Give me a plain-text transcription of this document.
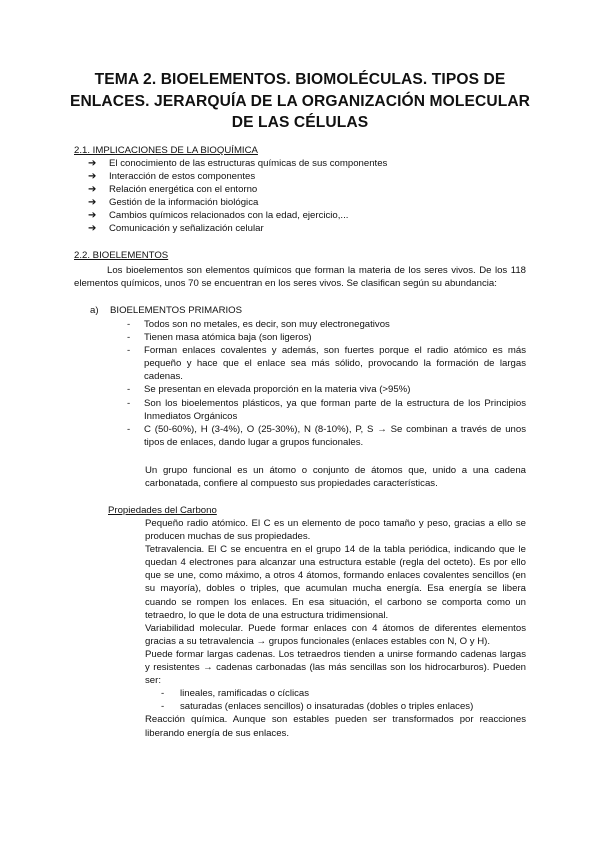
TEMA 2. BIOELEMENTOS. BIOMOLÉCULAS. TIPOS DE ENLACES. JERARQUÍA DE LA ORGANIZACIÓN MOLECULAR DE LAS CÉLULAS
2.1. IMPLICACIONES DE LA BIOQUÍMICA
➔ El conocimiento de las estructuras químicas de sus componentes
➔ Interacción de estos componentes
➔ Relación energética con el entorno
➔ Gestión de la información biológica
➔ Cambios químicos relacionados con la edad, ejercicio,...
➔ Comunicación y señalización celular
2.2. BIOELEMENTOS
Los bioelementos son elementos químicos que forman la materia de los seres vivos. De los 118 elementos químicos, unos 70 se encuentran en los seres vivos. Se clasifican según su abundancia:
a) BIOELEMENTOS PRIMARIOS
- Todos son no metales, es decir, son muy electronegativos
- Tienen masa atómica baja (son ligeros)
- Forman enlaces covalentes y además, son fuertes porque el radio atómico es más pequeño y hace que el enlace sea más sólido, provocando la formación de largas cadenas.
- Se presentan en elevada proporción en la materia viva (>95%)
- Son los bioelementos plásticos, ya que forman parte de la estructura de los Principios Inmediatos Orgánicos
- C (50-60%), H (3-4%), O (25-30%), N (8-10%), P, S → Se combinan a través de unos tipos de enlaces, dando lugar a grupos funcionales.
Un grupo funcional es un átomo o conjunto de átomos que, unido a una cadena carbonatada, confiere al compuesto sus propiedades características.
Propiedades del Carbono

Pequeño radio atómico. El C es un elemento de poco tamaño y peso, gracias a ello se producen muchas de sus propiedades.

Tetravalencia. El C se encuentra en el grupo 14 de la tabla periódica, indicando que le quedan 4 electrones para alcanzar una estructura estable (regla del octeto). Es por ello que se une, como máximo, a otros 4 átomos, formando enlaces covalentes sencillos (en su mayoría), dobles o triples, que acumulan mucha energía. Esa energía se libera cuando se rompen los enlaces. En esa situación, el carbono se comporta como un tetraedro, lo que le dota de una estructura tridimensional.

Variabilidad molecular. Puede formar enlaces con 4 átomos de diferentes elementos gracias a su tetravalencia → grupos funcionales (enlaces estables con N, O y H).

Puede formar largas cadenas. Los tetraedros tienden a unirse formando cadenas largas y resistentes → cadenas carbonadas (las más sencillas son los hidrocarburos). Pueden ser:

- lineales, ramificadas o cíclicas
- saturadas (enlaces sencillos) o insaturadas (dobles o triples enlaces)

Reacción química. Aunque son estables pueden ser transformados por reacciones liberando energía de sus enlaces.
